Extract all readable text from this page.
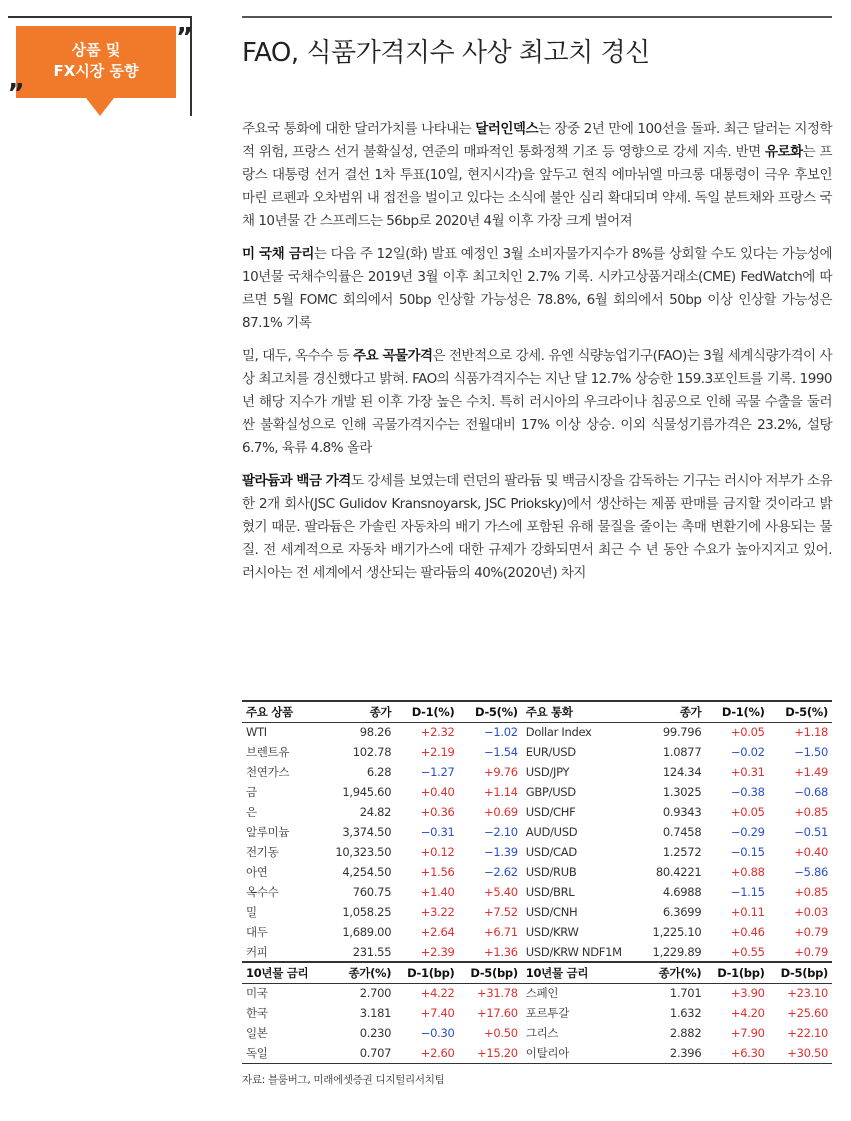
상품 및
FX시장 동향
”
„
FAO, 식품가격지수 사상 최고치 경신

주요국 통화에 대한 달러가치를 나타내는 달러인덱스는 장중 2년 만에 100선을 돌파. 최근 달러는 지정학적 위험, 프랑스 선거 불확실성, 연준의 매파적인 통화정책 기조 등 영향으로 강세 지속. 반면 유로화는 프랑스 대통령 선거 결선 1차 투표(10일, 현지시각)을 앞두고 현직 에마뉘엘 마크롱 대통령이 극우 후보인 마린 르펜과 오차범위 내 접전을 벌이고 있다는 소식에 불안 심리 확대되며 약세. 독일 분트채와 프랑스 국채 10년물 간 스프레드는 56bp로 2020년 4월 이후 가장 크게 벌어져

미 국채 금리는 다음 주 12일(화) 발표 예정인 3월 소비자물가지수가 8%를 상회할 수도 있다는 가능성에 10년물 국채수익률은 2019년 3월 이후 최고치인 2.7% 기록. 시카고상품거래소(CME) FedWatch에 따르면 5월 FOMC 회의에서 50bp 인상할 가능성은 78.8%, 6월 회의에서 50bp 이상 인상할 가능성은 87.1% 기록

밀, 대두, 옥수수 등 주요 곡물가격은 전반적으로 강세. 유엔 식량농업기구(FAO)는 3월 세계식량가격이 사상 최고치를 경신했다고 밝혀. FAO의 식품가격지수는 지난 달 12.7% 상승한 159.3포인트를 기록. 1990년 해당 지수가 개발 된 이후 가장 높은 수치. 특히 러시아의 우크라이나 침공으로 인해 곡물 수출을 둘러싼 불확실성으로 인해 곡물가격지수는 전월대비 17% 이상 상승. 이외 식물성기름가격은 23.2%, 설탕 6.7%, 육류 4.8% 올라

팔라듐과 백금 가격도 강세를 보였는데 런던의 팔라듐 및 백금시장을 감독하는 기구는 러시아 저부가 소유한 2개 회사(JSC Gulidov Kransnoyarsk, JSC Prioksky)에서 생산하는 제품 판매를 금지할 것이라고 밝혔기 때문. 팔라듐은 가솔린 자동차의 배기 가스에 포함된 유해 물질을 줄이는 촉매 변환기에 사용되는 물질. 전 세계적으로 자동차 배기가스에 대한 규제가 강화되면서 최근 수 년 동안 수요가 높아지지고 있어. 러시아는 전 세계에서 생산되는 팔라듐의 40%(2020년) 차지

주요 상품	종가	D-1(%)	D-5(%)	주요 통화	종가	D-1(%)	D-5(%)
WTI	98.26	+2.32	−1.02	Dollar Index	99.796	+0.05	+1.18
브렌트유	102.78	+2.19	−1.54	EUR/USD	1.0877	−0.02	−1.50
천연가스	6.28	−1.27	+9.76	USD/JPY	124.34	+0.31	+1.49
금	1,945.60	+0.40	+1.14	GBP/USD	1.3025	−0.38	−0.68
은	24.82	+0.36	+0.69	USD/CHF	0.9343	+0.05	+0.85
알루미늄	3,374.50	−0.31	−2.10	AUD/USD	0.7458	−0.29	−0.51
전기동	10,323.50	+0.12	−1.39	USD/CAD	1.2572	−0.15	+0.40
아연	4,254.50	+1.56	−2.62	USD/RUB	80.4221	+0.88	−5.86
옥수수	760.75	+1.40	+5.40	USD/BRL	4.6988	−1.15	+0.85
밀	1,058.25	+3.22	+7.52	USD/CNH	6.3699	+0.11	+0.03
대두	1,689.00	+2.64	+6.71	USD/KRW	1,225.10	+0.46	+0.79
커피	231.55	+2.39	+1.36	USD/KRW NDF1M	1,229.89	+0.55	+0.79
10년물 금리	종가(%)	D-1(bp)	D-5(bp)	10년물 금리	종가(%)	D-1(bp)	D-5(bp)
미국	2.700	+4.22	+31.78	스페인	1.701	+3.90	+23.10
한국	3.181	+7.40	+17.60	포르투갈	1.632	+4.20	+25.60
일본	0.230	−0.30	+0.50	그리스	2.882	+7.90	+22.10
독일	0.707	+2.60	+15.20	이탈리아	2.396	+6.30	+30.50
자료: 블룸버그, 미래에셋증권 디지털리서치팀
